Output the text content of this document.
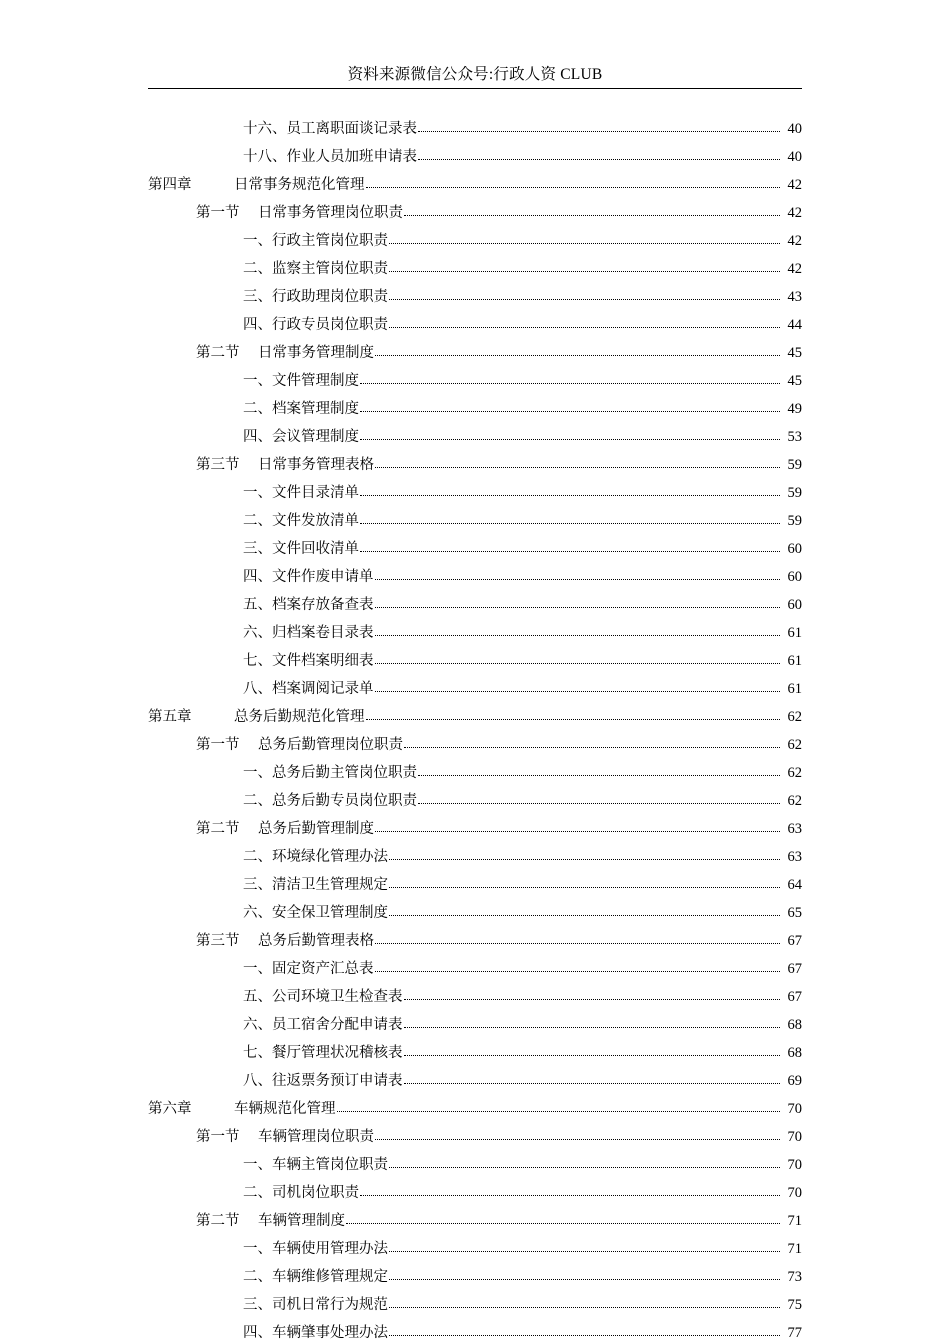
资料来源微信公众号:行政人资 CLUB
十六、员工离职面谈记录表	40
十八、作业人员加班申请表	40
第四章	日常事务规范化管理	42
第一节	日常事务管理岗位职责	42
一、行政主管岗位职责	42
二、监察主管岗位职责	42
三、行政助理岗位职责	43
四、行政专员岗位职责	44
第二节	日常事务管理制度	45
一、文件管理制度	45
二、档案管理制度	49
四、会议管理制度	53
第三节	日常事务管理表格	59
一、文件目录清单	59
二、文件发放清单	59
三、文件回收清单	60
四、文件作废申请单	60
五、档案存放备查表	60
六、归档案卷目录表	61
七、文件档案明细表	61
八、档案调阅记录单	61
第五章	总务后勤规范化管理	62
第一节	总务后勤管理岗位职责	62
一、总务后勤主管岗位职责	62
二、总务后勤专员岗位职责	62
第二节	总务后勤管理制度	63
二、环境绿化管理办法	63
三、清洁卫生管理规定	64
六、安全保卫管理制度	65
第三节	总务后勤管理表格	67
一、固定资产汇总表	67
五、公司环境卫生检查表	67
六、员工宿舍分配申请表	68
七、餐厅管理状况稽核表	68
八、往返票务预订申请表	69
第六章	车辆规范化管理	70
第一节	车辆管理岗位职责	70
一、车辆主管岗位职责	70
二、司机岗位职责	70
第二节	车辆管理制度	71
一、车辆使用管理办法	71
二、车辆维修管理规定	73
三、司机日常行为规范	75
四、车辆肇事处理办法	77
